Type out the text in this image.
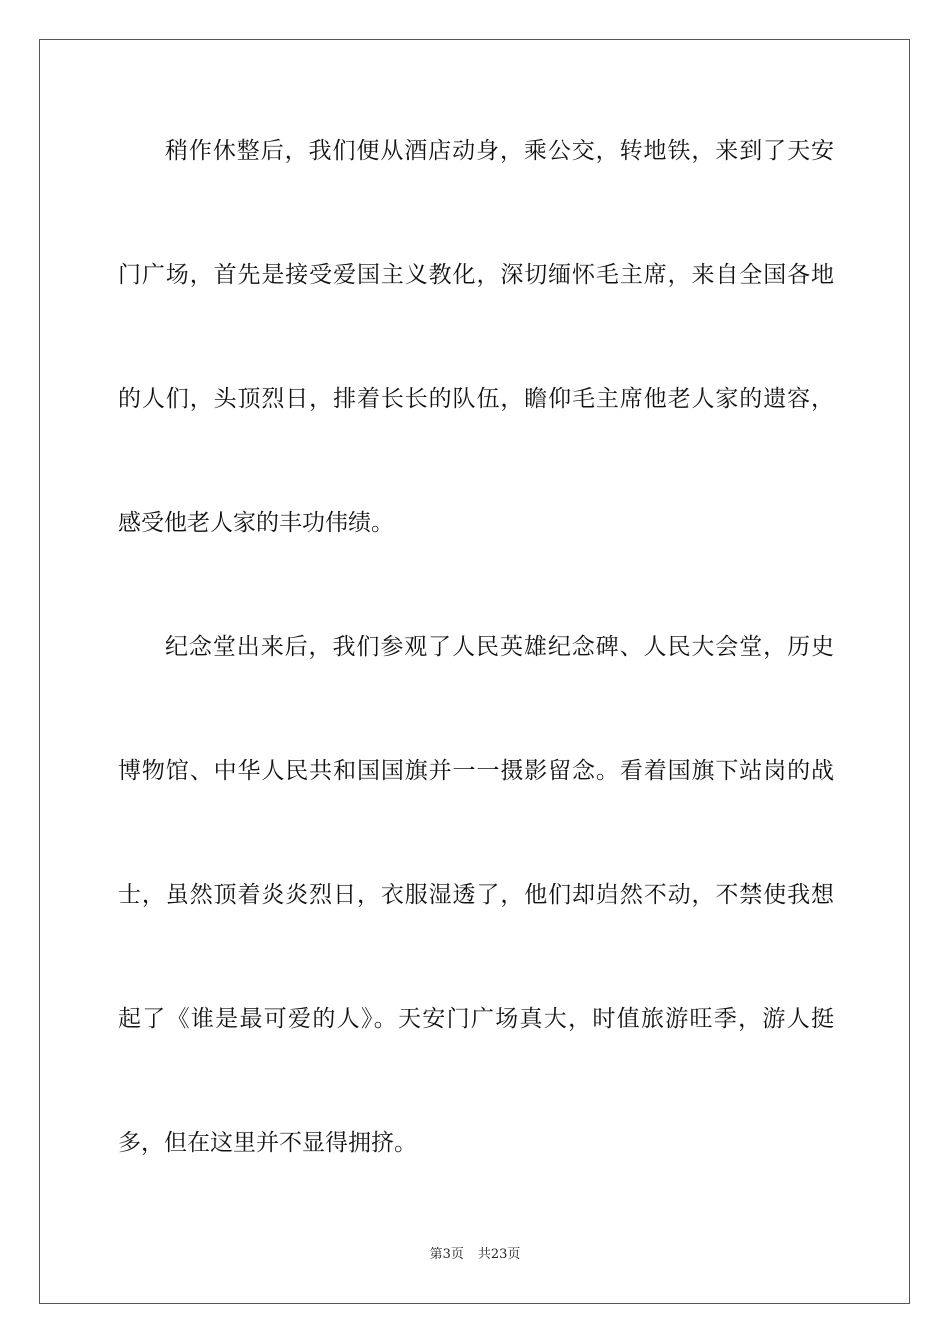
稍作休整后，我们便从酒店动身，乘公交，转地铁，来到了天安
门广场，首先是接受爱国主义教化，深切缅怀毛主席，来自全国各地
的人们，头顶烈日，排着长长的队伍，瞻仰毛主席他老人家的遗容，
感受他老人家的丰功伟绩。
纪念堂出来后，我们参观了人民英雄纪念碑、人民大会堂，历史
博物馆、中华人民共和国国旗并一一摄影留念。看着国旗下站岗的战
士，虽然顶着炎炎烈日，衣服湿透了，他们却岿然不动，不禁使我想
起了《谁是最可爱的人》。天安门广场真大，时值旅游旺季，游人挺
多，但在这里并不显得拥挤。
第3页 共23页
